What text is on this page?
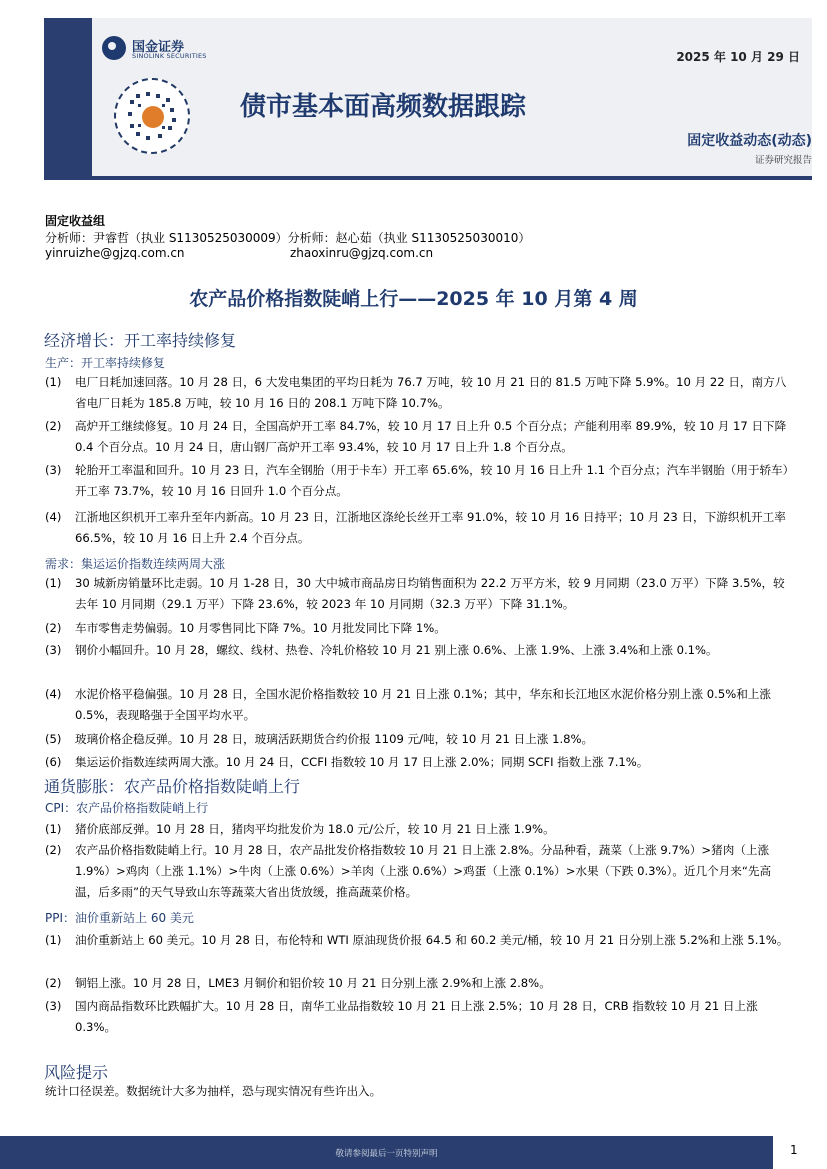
国金证券
SINOLINK SECURITIES	2025 年 10 月 29 日
债市基本面高频数据跟踪
固定收益动态(动态)
证券研究报告
固定收益组
分析师：尹睿哲（执业 S1130525030009）分析师：赵心茹（执业 S1130525030010）
yinruizhe@gjzq.com.cn	zhaoxinru@gjzq.com.cn
农产品价格指数陡峭上行——2025 年 10 月第 4 周
经济增长：开工率持续修复
生产：开工率持续修复
(1) 电厂日耗加速回落。10 月 28 日，6 大发电集团的平均日耗为 76.7 万吨，较 10 月 21 日的 81.5 万吨下降 5.9%。10 月 22 日，南方八省电厂日耗为 185.8 万吨，较 10 月 16 日的 208.1 万吨下降 10.7%。
(2) 高炉开工继续修复。10 月 24 日，全国高炉开工率 84.7%，较 10 月 17 日上升 0.5 个百分点；产能利用率 89.9%，较 10 月 17 日下降 0.4 个百分点。10 月 24 日，唐山钢厂高炉开工率 93.4%，较 10 月 17 日上升 1.8 个百分点。
(3) 轮胎开工率温和回升。10 月 23 日，汽车全钢胎（用于卡车）开工率 65.6%，较 10 月 16 日上升 1.1 个百分点；汽车半钢胎（用于轿车）开工率 73.7%，较 10 月 16 日回升 1.0 个百分点。
(4) 江浙地区织机开工率升至年内新高。10 月 23 日，江浙地区涤纶长丝开工率 91.0%，较 10 月 16 日持平；10 月 23 日，下游织机开工率 66.5%，较 10 月 16 日上升 2.4 个百分点。
需求：集运运价指数连续两周大涨
(1) 30 城新房销量环比走弱。10 月 1-28 日，30 大中城市商品房日均销售面积为 22.2 万平方米，较 9 月同期（23.0 万平）下降 3.5%，较去年 10 月同期（29.1 万平）下降 23.6%，较 2023 年 10 月同期（32.3 万平）下降 31.1%。
(2) 车市零售走势偏弱。10 月零售同比下降 7%。10 月批发同比下降 1%。
(3) 钢价小幅回升。10 月 28，螺纹、线材、热卷、冷轧价格较 10 月 21 别上涨 0.6%、上涨 1.9%、上涨 3.4%和上涨 0.1%。
(4) 水泥价格平稳偏强。10 月 28 日，全国水泥价格指数较 10 月 21 日上涨 0.1%；其中，华东和长江地区水泥价格分别上涨 0.5%和上涨 0.5%，表现略强于全国平均水平。
(5) 玻璃价格企稳反弹。10 月 28 日，玻璃活跃期货合约价报 1109 元/吨，较 10 月 21 日上涨 1.8%。
(6) 集运运价指数连续两周大涨。10 月 24 日，CCFI 指数较 10 月 17 日上涨 2.0%；同期 SCFI 指数上涨 7.1%。
通货膨胀：农产品价格指数陡峭上行
CPI：农产品价格指数陡峭上行
(1) 猪价底部反弹。10 月 28 日，猪肉平均批发价为 18.0 元/公斤，较 10 月 21 日上涨 1.9%。
(2) 农产品价格指数陡峭上行。10 月 28 日，农产品批发价格指数较 10 月 21 日上涨 2.8%。分品种看，蔬菜（上涨 9.7%）>猪肉（上涨 1.9%）>鸡肉（上涨 1.1%）>牛肉（上涨 0.6%）>羊肉（上涨 0.6%）>鸡蛋（上涨 0.1%）>水果（下跌 0.3%）。近几个月来“先高温，后多雨”的天气导致山东等蔬菜大省出货放缓，推高蔬菜价格。
PPI：油价重新站上 60 美元
(1) 油价重新站上 60 美元。10 月 28 日，布伦特和 WTI 原油现货价报 64.5 和 60.2 美元/桶，较 10 月 21 日分别上涨 5.2%和上涨 5.1%。
(2) 铜铝上涨。10 月 28 日，LME3 月铜价和铝价较 10 月 21 日分别上涨 2.9%和上涨 2.8%。
(3) 国内商品指数环比跌幅扩大。10 月 28 日，南华工业品指数较 10 月 21 日上涨 2.5%；10 月 28 日，CRB 指数较 10 月 21 日上涨 0.3%。
风险提示
统计口径误差。数据统计大多为抽样，恐与现实情况有些许出入。
敬请参阅最后一页特别声明	1
